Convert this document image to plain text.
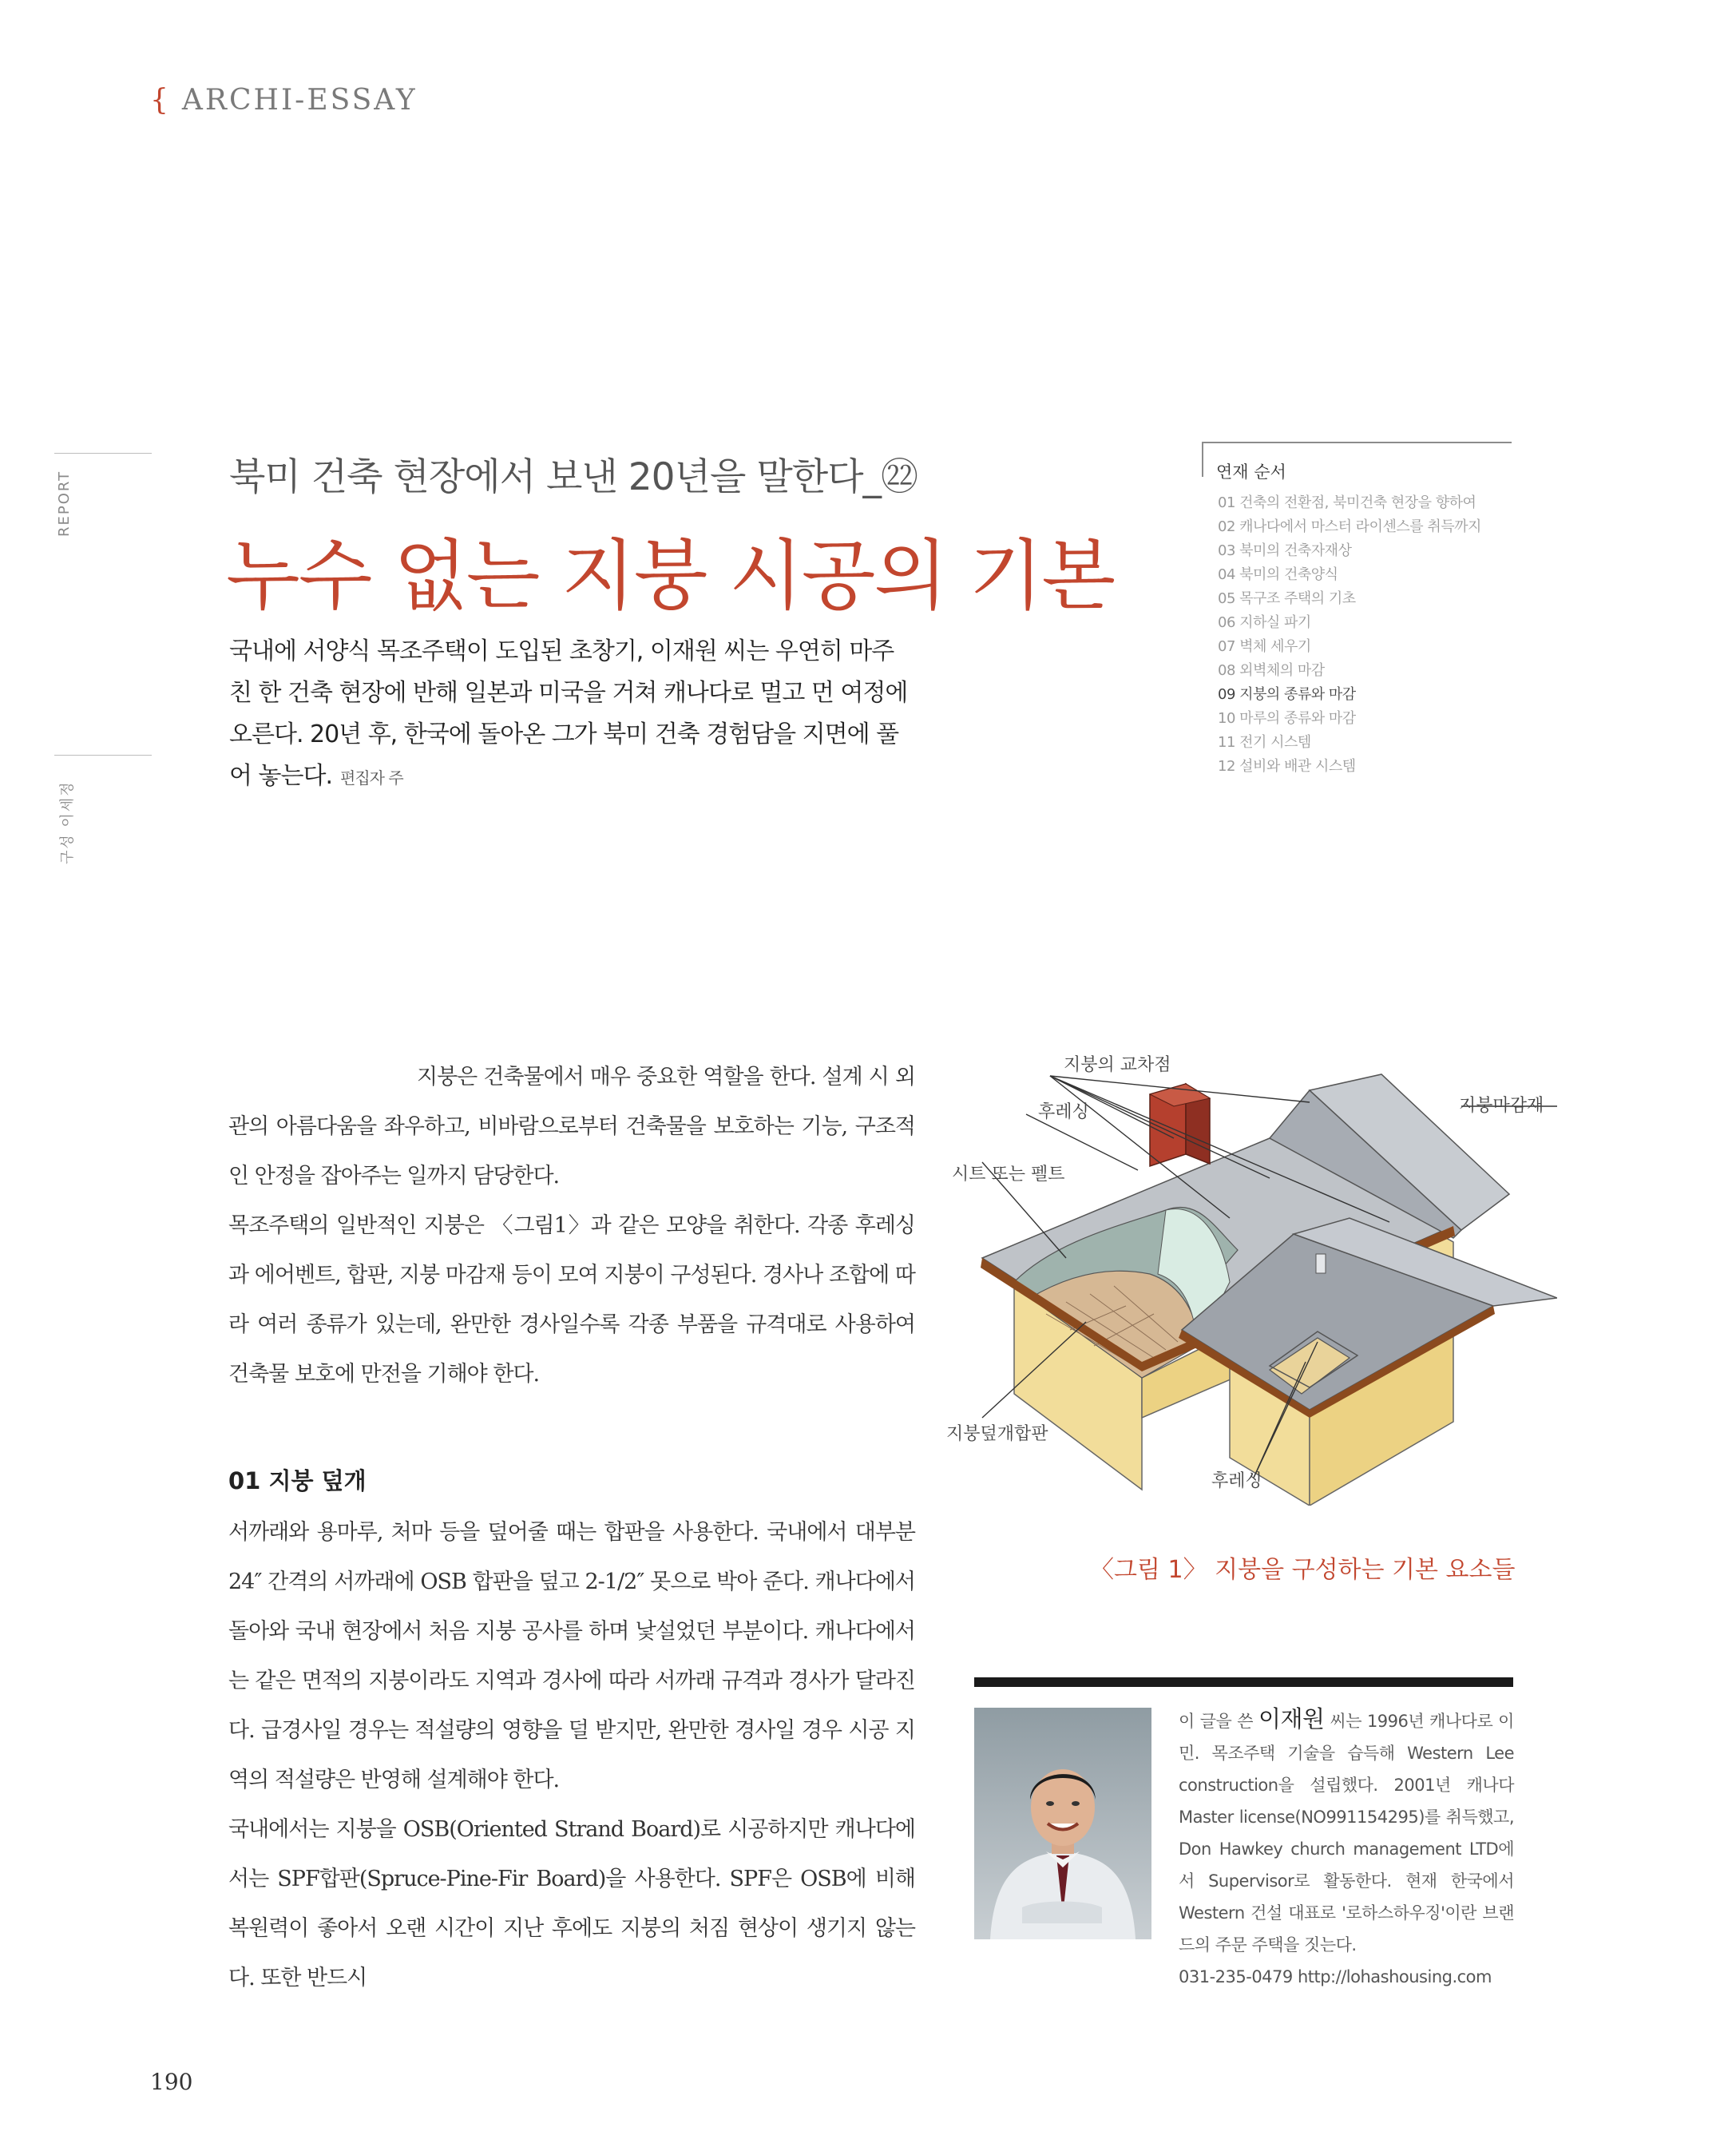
{ ARCHI-ESSAY
REPORT
구성 이세정
북미 건축 현장에서 보낸 20년을 말한다_㉒
누수 없는 지붕 시공의 기본
국내에 서양식 목조주택이 도입된 초창기, 이재원 씨는 우연히 마주친 한 건축 현장에 반해 일본과 미국을 거쳐 캐나다로 멀고 먼 여정에 오른다. 20년 후, 한국에 돌아온 그가 북미 건축 경험담을 지면에 풀어 놓는다. 편집자 주
연재 순서
01 건축의 전환점, 북미건축 현장을 향하여
02 캐나다에서 마스터 라이센스를 취득까지
03 북미의 건축자재상
04 북미의 건축양식
05 목구조 주택의 기초
06 지하실 파기
07 벽체 세우기
08 외벽체의 마감
09 지붕의 종류와 마감
10 마루의 종류와 마감
11 전기 시스템
12 설비와 배관 시스템

지붕은 건축물에서 매우 중요한 역할을 한다. 설계 시 외관의 아름다움을 좌우하고, 비바람으로부터 건축물을 보호하는 기능, 구조적인 안정을 잡아주는 일까지 담당한다.

목조주택의 일반적인 지붕은 〈그림1〉과 같은 모양을 취한다. 각종 후레싱과 에어벤트, 합판, 지붕 마감재 등이 모여 지붕이 구성된다. 경사나 조합에 따라 여러 종류가 있는데, 완만한 경사일수록 각종 부품을 규격대로 사용하여 건축물 보호에 만전을 기해야 한다.

01 지붕 덮개

서까래와 용마루, 처마 등을 덮어줄 때는 합판을 사용한다. 국내에서 대부분 24″ 간격의 서까래에 OSB 합판을 덮고 2-1/2″ 못으로 박아 준다. 캐나다에서 돌아와 국내 현장에서 처음 지붕 공사를 하며 낯설었던 부분이다. 캐나다에서는 같은 면적의 지붕이라도 지역과 경사에 따라 서까래 규격과 경사가 달라진다. 급경사일 경우는 적설량의 영향을 덜 받지만, 완만한 경사일 경우 시공 지역의 적설량은 반영해 설계해야 한다.

국내에서는 지붕을 OSB(Oriented Strand Board)로 시공하지만 캐나다에서는 SPF합판(Spruce-Pine-Fir Board)을 사용한다. SPF은 OSB에 비해 복원력이 좋아서 오랜 시간이 지난 후에도 지붕의 처짐 현상이 생기지 않는다. 또한 반드시

지붕의 교차점
후레싱
시트 또는 펠트
지붕마감재
지붕덮개합판
후레싱
〈그림 1〉 지붕을 구성하는 기본 요소들
이 글을 쓴 이재원 씨는 1996년 캐나다로 이민. 목조주택 기술을 습득해 Western Lee construction을 설립했다. 2001년 캐나다 Master license(NO991154295)를 취득했고, Don Hawkey church management LTD에서 Supervisor로 활동한다. 현재 한국에서 Western 건설 대표로 '로하스하우징'이란 브랜드의 주문 주택을 짓는다.
031-235-0479 http://lohashousing.com
190
